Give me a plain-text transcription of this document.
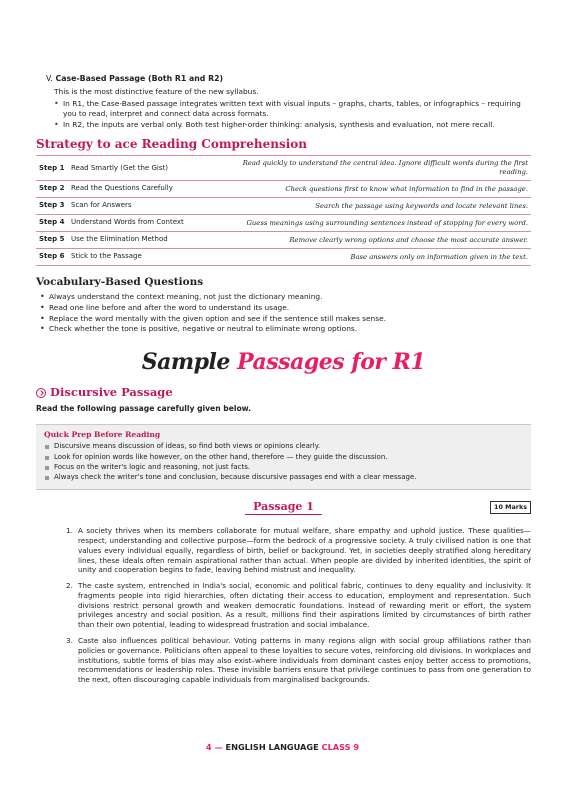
V. Case-Based Passage (Both R1 and R2)
This is the most distinctive feature of the new syllabus.
• In R1, the Case-Based passage integrates written text with visual inputs – graphs, charts, tables, or infographics – requiring you to read, interpret and connect data across formats.
• In R2, the inputs are verbal only. Both test higher-order thinking: analysis, synthesis and evaluation, not mere recall.
Strategy to ace Reading Comprehension
Step 1	Read Smartly (Get the Gist)	Read quickly to understand the central idea. Ignore difficult words during the first reading.
Step 2	Read the Questions Carefully	Check questions first to know what information to find in the passage.
Step 3	Scan for Answers	Search the passage using keywords and locate relevant lines.
Step 4	Understand Words from Context	Guess meanings using surrounding sentences instead of stopping for every word.
Step 5	Use the Elimination Method	Remove clearly wrong options and choose the most accurate answer.
Step 6	Stick to the Passage	Base answers only on information given in the text.
Vocabulary-Based Questions
• Always understand the context meaning, not just the dictionary meaning.
• Read one line before and after the word to understand its usage.
• Replace the word mentally with the given option and see if the sentence still makes sense.
• Check whether the tone is positive, negative or neutral to eliminate wrong options.
Sample Passages for R1
Discursive Passage
Read the following passage carefully given below.
Quick Prep Before Reading
Discursive means discussion of ideas, so find both views or opinions clearly.
Look for opinion words like however, on the other hand, therefore — they guide the discussion.
Focus on the writer's logic and reasoning, not just facts.
Always check the writer's tone and conclusion, because discursive passages end with a clear message.
Passage 1	10 Marks
1. A society thrives when its members collaborate for mutual welfare, share empathy and uphold justice. These qualities—respect, understanding and collective purpose—form the bedrock of a progressive society. A truly civilised nation is one that values every individual equally, regardless of birth, belief or background. Yet, in societies deeply stratified along hereditary lines, these ideals often remain aspirational rather than actual. When people are divided by inherited identities, the spirit of unity and cooperation begins to fade, leaving behind mistrust and inequality.
2. The caste system, entrenched in India's social, economic and political fabric, continues to deny equality and inclusivity. It fragments people into rigid hierarchies, often dictating their access to education, employment and representation. Such divisions restrict personal growth and weaken democratic foundations. Instead of rewarding merit or effort, the system privileges ancestry and social position. As a result, millions find their aspirations limited by circumstances of birth rather than their own potential, leading to widespread frustration and social imbalance.
3. Caste also influences political behaviour. Voting patterns in many regions align with social group affiliations rather than policies or governance. Politicians often appeal to these loyalties to secure votes, reinforcing old divisions. In workplaces and institutions, subtle forms of bias may also exist–where individuals from dominant castes enjoy better access to promotions, recommendations or leadership roles. These invisible barriers ensure that privilege continues to pass from one generation to the next, often discouraging capable individuals from marginalised backgrounds.
4 — ENGLISH LANGUAGE CLASS 9
